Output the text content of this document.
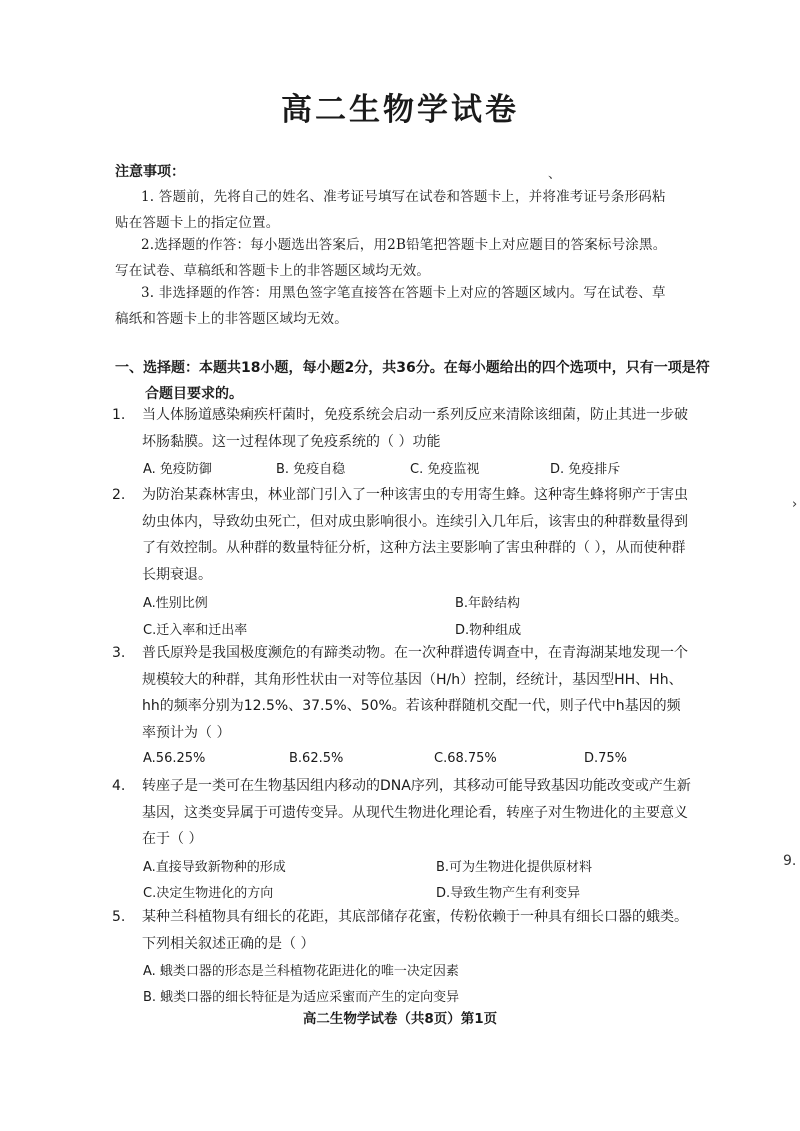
高二生物学试卷
、
注意事项：
1. 答题前，先将自己的姓名、准考证号填写在试卷和答题卡上，并将准考证号条形码粘贴在答题卡上的指定位置。
2.选择题的作答：每小题选出答案后，用2B铅笔把答题卡上对应题目的答案标号涂黑。写在试卷、草稿纸和答题卡上的非答题区域均无效。
3. 非选择题的作答：用黑色签字笔直接答在答题卡上对应的答题区域内。写在试卷、草稿纸和答题卡上的非答题区域均无效。
一、选择题：本题共18小题，每小题2分，共36分。在每小题给出的四个选项中，只有一项是符合题目要求的。
1. 当人体肠道感染痢疾杆菌时，免疫系统会启动一系列反应来清除该细菌，防止其进一步破坏肠黏膜。这一过程体现了免疫系统的（ ）功能
A. 免疫防御	B. 免疫自稳	C. 免疫监视	D. 免疫排斥
2. 为防治某森林害虫，林业部门引入了一种该害虫的专用寄生蜂。这种寄生蜂将卵产于害虫幼虫体内，导致幼虫死亡，但对成虫影响很小。连续引入几年后，该害虫的种群数量得到了有效控制。从种群的数量特征分析，这种方法主要影响了害虫种群的（ ），从而使种群长期衰退。
A.性别比例	B.年龄结构
C.迁入率和迁出率	D.物种组成
›
3. 普氏原羚是我国极度濒危的有蹄类动物。在一次种群遗传调查中，在青海湖某地发现一个规模较大的种群，其角形性状由一对等位基因（H/h）控制，经统计，基因型HH、Hh、hh的频率分别为12.5%、37.5%、50%。若该种群随机交配一代，则子代中h基因的频率预计为（ ）
A.56.25%	B.62.5%	C.68.75%	D.75%
4. 转座子是一类可在生物基因组内移动的DNA序列，其移动可能导致基因功能改变或产生新基因，这类变异属于可遗传变异。从现代生物进化理论看，转座子对生物进化的主要意义在于（ ）
A.直接导致新物种的形成	B.可为生物进化提供原材料
C.决定生物进化的方向	D.导致生物产生有利变异
9.
5. 某种兰科植物具有细长的花距，其底部储存花蜜，传粉依赖于一种具有细长口器的蛾类。下列相关叙述正确的是（ ）
A. 蛾类口器的形态是兰科植物花距进化的唯一决定因素
B. 蛾类口器的细长特征是为适应采蜜而产生的定向变异
高二生物学试卷（共8页）第1页
